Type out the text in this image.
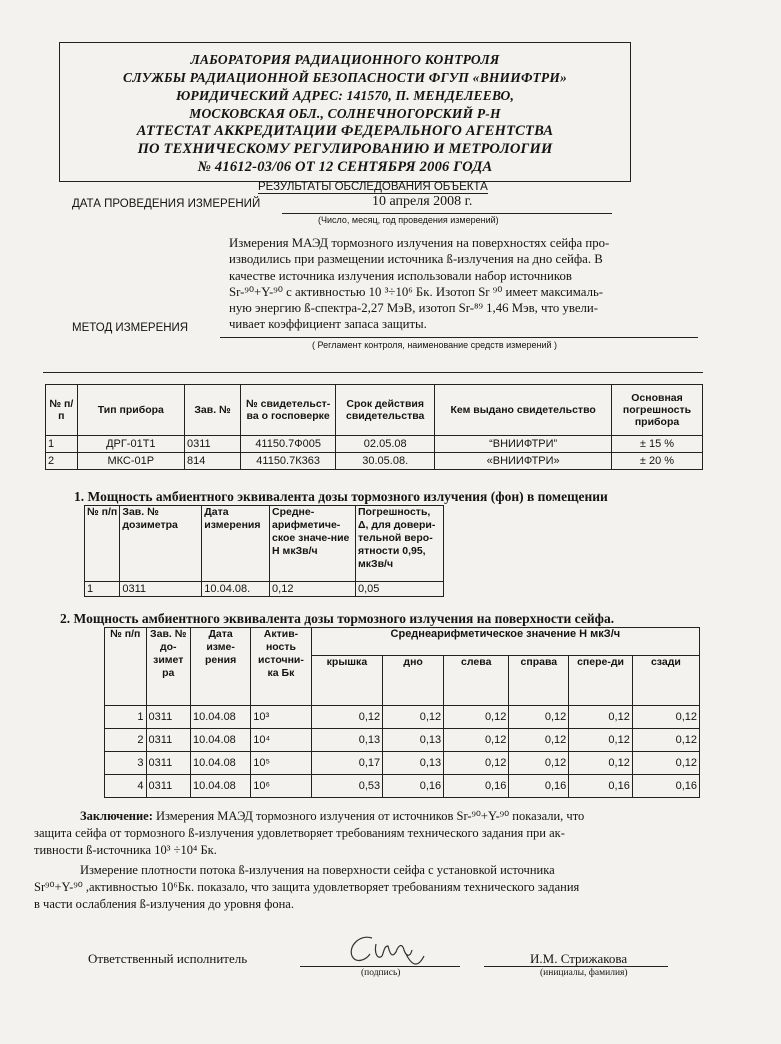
ЛАБОРАТОРИЯ РАДИАЦИОННОГО КОНТРОЛЯ
СЛУЖБЫ РАДИАЦИОННОЙ БЕЗОПАСНОСТИ ФГУП «ВНИИФТРИ»
ЮРИДИЧЕСКИЙ АДРЕС: 141570, П. МЕНДЕЛЕЕВО,
МОСКОВСКАЯ ОБЛ., СОЛНЕЧНОГОРСКИЙ Р-Н
АТТЕСТАТ АККРЕДИТАЦИИ ФЕДЕРАЛЬНОГО АГЕНТСТВА
ПО ТЕХНИЧЕСКОМУ РЕГУЛИРОВАНИЮ И МЕТРОЛОГИИ
№ 41612-03/06 ОТ 12 СЕНТЯБРЯ 2006 ГОДА
РЕЗУЛЬТАТЫ ОБСЛЕДОВАНИЯ ОБЪЕКТА
ДАТА ПРОВЕДЕНИЯ ИЗМЕРЕНИЙ	10 апреля 2008 г.
(Число, месяц, год проведения измерений)
Измерения МАЭД тормозного излучения на поверхностях сейфа про-
изводились при размещении источника ß-излучения на дно сейфа. В
качестве источника излучения использовали набор источников
Sr-⁹⁰+Y-⁹⁰ с активностью 10 ³÷10⁶ Бк. Изотоп Sr ⁹⁰ имеет максималь-
ную энергию ß-спектра-2,27 МэВ, изотоп Sr-⁸⁹ 1,46 Мэв, что увели-
чивает коэффициент запаса защиты.
МЕТОД ИЗМЕРЕНИЯ
( Регламент контроля, наименование средств измерений )
№ п/п	Тип прибора	Зав. №	№ свидетельст-ва о госповерке	Срок действия свидетельства	Кем выдано свидетельство	Основная погрешность прибора
1	ДРГ-01Т1	0311	41150.7Ф005	02.05.08	“ВНИИФТРИ”	± 15 %
2	МКС-01Р	814	41150.7К363	30.05.08.	«ВНИИФТРИ»	± 20 %
1. Мощность амбиентного эквивалента дозы тормозного излучения (фон) в помещении
№ п/п	Зав. № дозиметра	Дата измерения	Средне-арифметиче-ское значе-ние Н мкЗв/ч	Погрешность, Δ, для довери-тельной веро-ятности 0,95, мкЗв/ч
1	0311	10.04.08.	0,12	0,05
2. Мощность амбиентного эквивалента дозы тормозного излучения на поверхности сейфа.
№ п/п	Зав. № до-зимет ра	Дата изме-рения	Актив-ность источни-ка Бк	Среднеарифметическое значение Н мкЗ/ч					
				крышка	дно	слева	справа	спере-ди	сзади
1	0311	10.04.08	10³	0,12	0,12	0,12	0,12	0,12	0,12
2	0311	10.04.08	10⁴	0,13	0,13	0,12	0,12	0,12	0,12
3	0311	10.04.08	10⁵	0,17	0,13	0,12	0,12	0,12	0,12
4	0311	10.04.08	10⁶	0,53	0,16	0,16	0,16	0,16	0,16
Заключение: Измерения МАЭД тормозного излучения от источников Sr-⁹⁰+Y-⁹⁰ показали, что
защита сейфа от тормозного ß-излучения удовлетворяет требованиям технического задания при ак-
тивности ß-источника 10³ ÷10⁴ Бк.
Измерение плотности потока ß-излучения на поверхности сейфа с установкой источника
Sr⁹⁰+Y-⁹⁰ ,активностью 10⁶Бк. показало, что защита удовлетворяет требованиям технического задания
в части ослабления ß-излучения до уровня фона.
Ответственный исполнитель
(подпись)
И.М. Стрижакова
(инициалы, фамилия)
